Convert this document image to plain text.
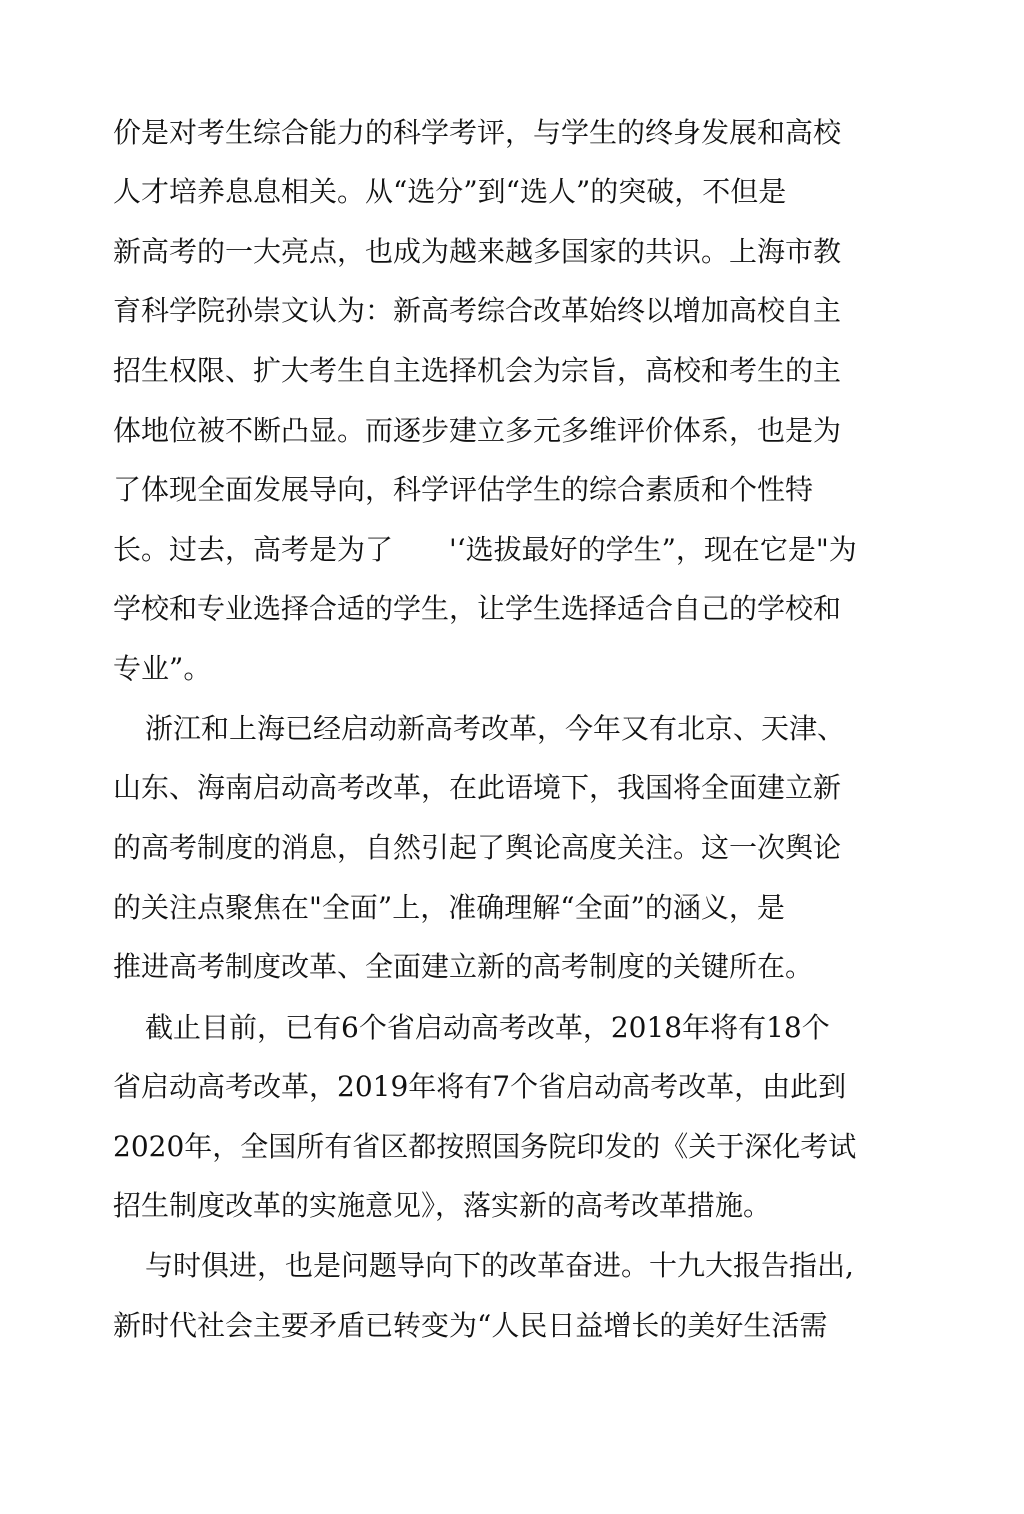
价是对考生综合能力的科学考评，与学生的终身发展和高校
人才培养息息相关。从“选分”到“选人”的突破，不但是
新高考的一大亮点，也成为越来越多国家的共识。上海市教
育科学院孙崇文认为：新高考综合改革始终以增加高校自主
招生权限、扩大考生自主选择机会为宗旨，高校和考生的主
体地位被不断凸显。而逐步建立多元多维评价体系，也是为
了体现全面发展导向，科学评估学生的综合素质和个性特
长。过去，高考是为了　　'‘选拔最好的学生”，现在它是"为
学校和专业选择合适的学生，让学生选择适合自己的学校和
专业”。
浙江和上海已经启动新高考改革，今年又有北京、天津、
山东、海南启动高考改革，在此语境下，我国将全面建立新
的高考制度的消息，自然引起了舆论高度关注。这一次舆论
的关注点聚焦在"全面”上，准确理解“全面”的涵义，是
推进高考制度改革、全面建立新的高考制度的关键所在。
截止目前，已有6个省启动高考改革，2018年将有18个
省启动高考改革，2019年将有7个省启动高考改革，由此到
2020年，全国所有省区都按照国务院印发的《关于深化考试
招生制度改革的实施意见》，落实新的高考改革措施。
与时俱进，也是问题导向下的改革奋进。十九大报告指出,
新时代社会主要矛盾已转变为“人民日益增长的美好生活需
